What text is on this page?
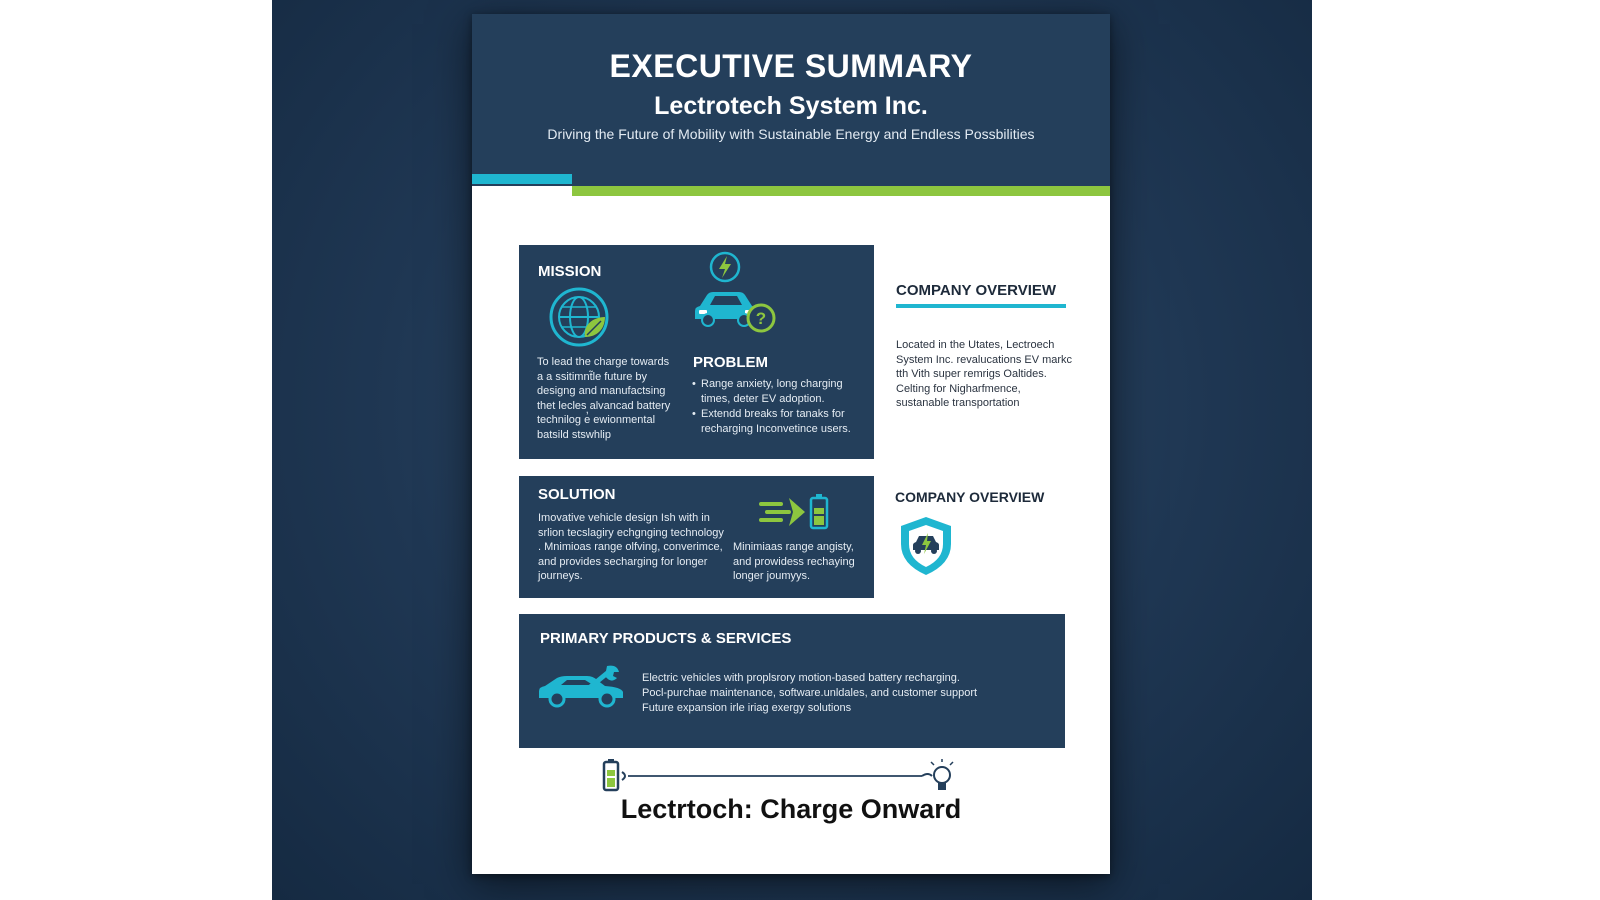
EXECUTIVE SUMMARY
Lectrotech System Inc.
Driving the Future of Mobility with Sustainable Energy and Endless Possbilities
MISSION
To lead the charge towards a a ssitimnt̃le future by designg and manufactsing thet lecles alvancad battery technilog e̓ ewionmental batsild stswhlip
?
PROBLEM
• Range anxiety, long charging times, deter EV adoption.
• Extendd breaks for tanaks for recharging Inconvetince users.
SOLUTION
Imovative vehicle design Ish with in srlion tecslagiry echgnging technology . Mnimioas range olfving, converimce, and provides secharging for longer journeys.
Minimiaas range angisty, and prowidess rechaying longer joumyys.
COMPANY OVERVIEW
Located in the Utates, Lectroech System Inc. revalucations EV markc tth Vith super remrigs Oaltides. Celting for Nigharfmence, sustanable transportation
COMPANY OVERVIEW
PRIMARY PRODUCTS & SERVICES
Electric vehicles with proplsrory motion-based battery recharging.
Pocl-purchae maintenance, software.unldales, and customer support
Future expansion irle iriag exergy solutions
Lectrtoch: Charge Onward
